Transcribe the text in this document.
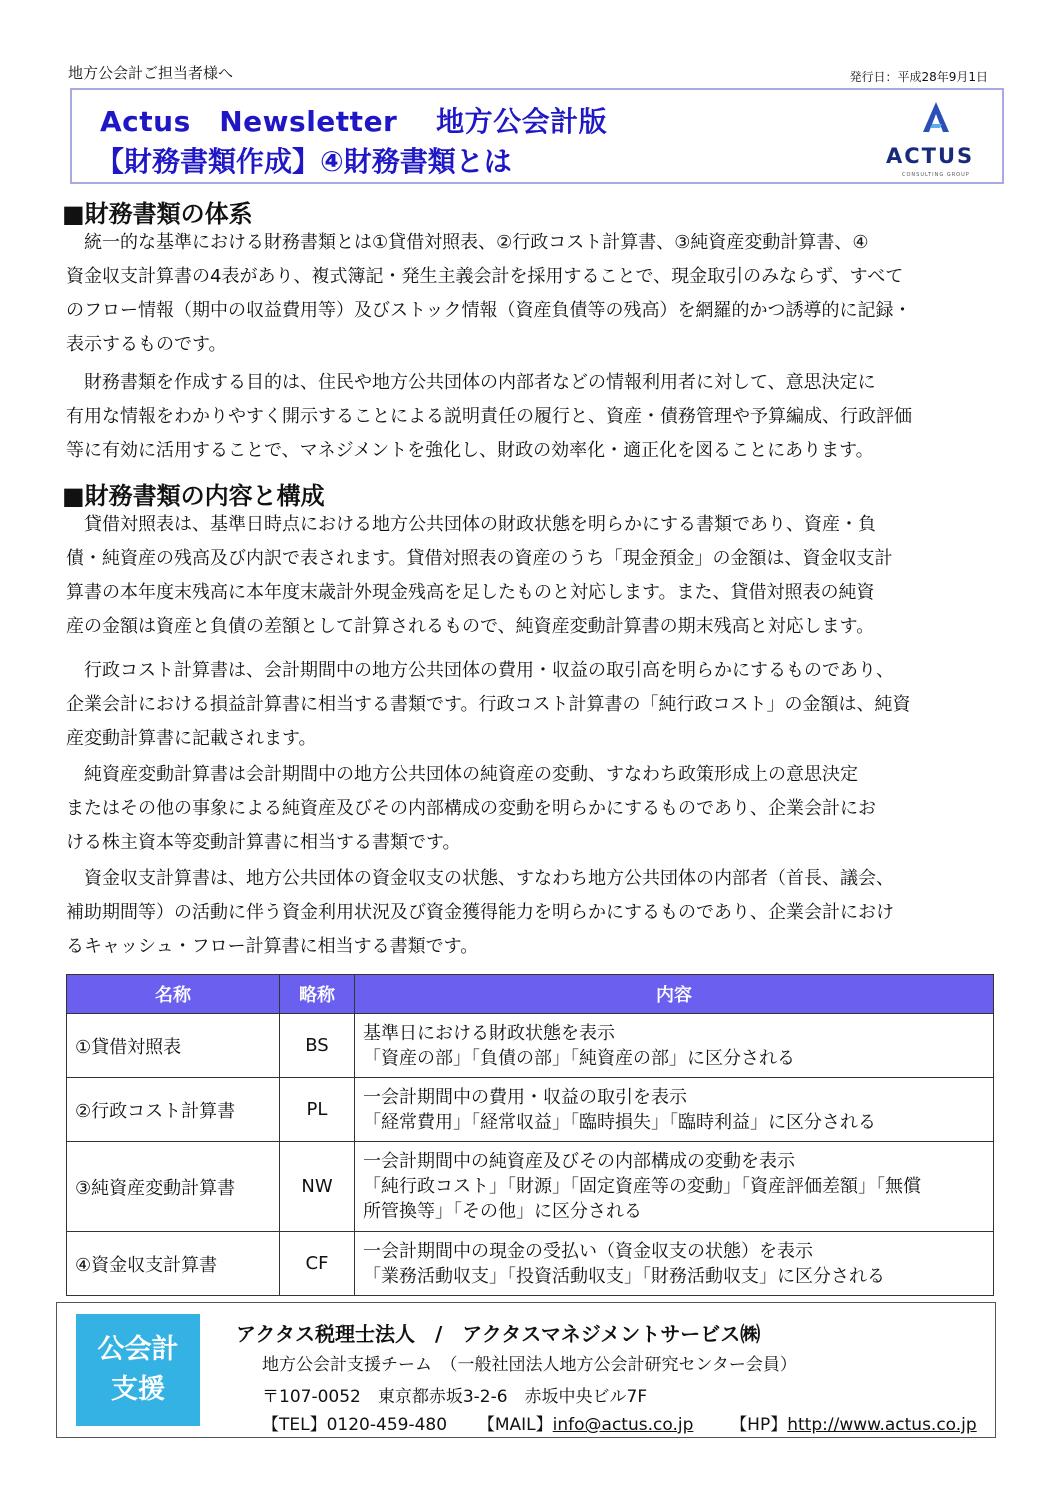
地方公会計ご担当者様へ	発行日：平成28年9月1日
Actus　Newsletter　 地方公会計版
【財務書類作成】④財務書類とは	ACTUS
CONSULTING GROUP
■財務書類の体系
　統一的な基準における財務書類とは①貸借対照表、②行政コスト計算書、③純資産変動計算書、④
資金収支計算書の4表があり、複式簿記・発生主義会計を採用することで、現金取引のみならず、すべて
のフロー情報（期中の収益費用等）及びストック情報（資産負債等の残高）を網羅的かつ誘導的に記録・
表示するものです。
　財務書類を作成する目的は、住民や地方公共団体の内部者などの情報利用者に対して、意思決定に
有用な情報をわかりやすく開示することによる説明責任の履行と、資産・債務管理や予算編成、行政評価
等に有効に活用することで、マネジメントを強化し、財政の効率化・適正化を図ることにあります。
■財務書類の内容と構成
　貸借対照表は、基準日時点における地方公共団体の財政状態を明らかにする書類であり、資産・負
債・純資産の残高及び内訳で表されます。貸借対照表の資産のうち「現金預金」の金額は、資金収支計
算書の本年度末残高に本年度末歳計外現金残高を足したものと対応します。また、貸借対照表の純資
産の金額は資産と負債の差額として計算されるもので、純資産変動計算書の期末残高と対応します。
　行政コスト計算書は、会計期間中の地方公共団体の費用・収益の取引高を明らかにするものであり、
企業会計における損益計算書に相当する書類です。行政コスト計算書の「純行政コスト」の金額は、純資
産変動計算書に記載されます。
　純資産変動計算書は会計期間中の地方公共団体の純資産の変動、すなわち政策形成上の意思決定
またはその他の事象による純資産及びその内部構成の変動を明らかにするものであり、企業会計にお
ける株主資本等変動計算書に相当する書類です。
　資金収支計算書は、地方公共団体の資金収支の状態、すなわち地方公共団体の内部者（首長、議会、
補助期間等）の活動に伴う資金利用状況及び資金獲得能力を明らかにするものであり、企業会計におけ
るキャッシュ・フロー計算書に相当する書類です。
名称	略称	内容
①貸借対照表	BS	基準日における財政状態を表示
「資産の部」「負債の部」「純資産の部」に区分される

②行政コスト計算書	PL	一会計期間中の費用・収益の取引を表示
「経常費用」「経常収益」「臨時損失」「臨時利益」に区分される

③純資産変動計算書	NW	一会計期間中の純資産及びその内部構成の変動を表示
「純行政コスト」「財源」「固定資産等の変動」「資産評価差額」「無償
所管換等」「その他」に区分される

④資金収支計算書	CF	一会計期間中の現金の受払い（資金収支の状態）を表示
「業務活動収支」「投資活動収支」「財務活動収支」に区分される
公会計
支援
アクタス税理士法人　/　アクタスマネジメントサービス㈱
地方公会計支援チーム　（一般社団法人地方公会計研究センター会員）
〒107-0052　東京都赤坂3-2-6　赤坂中央ビル7F
【TEL】0120-459-480 【MAIL】info@actus.co.jp 【HP】http://www.actus.co.jp
